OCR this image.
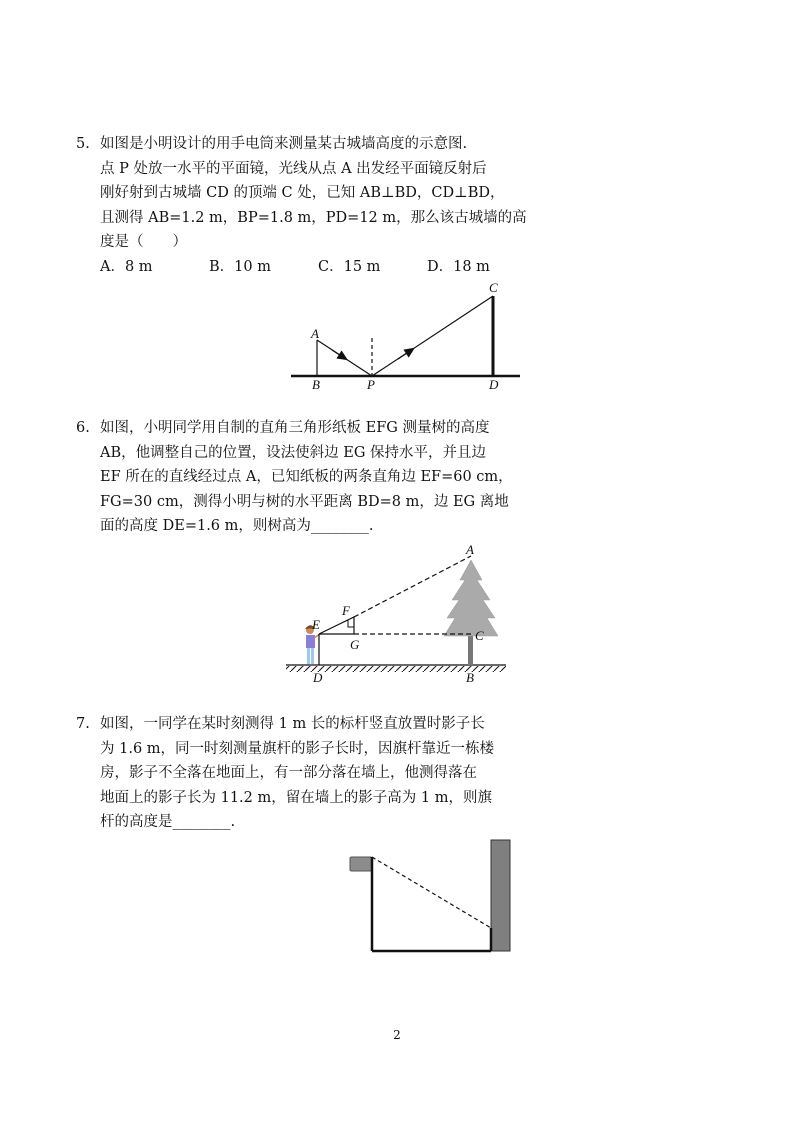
5. 如图是小明设计的用手电筒来测量某古城墙高度的示意图.
点 P 处放一水平的平面镜，光线从点 A 出发经平面镜反射后
刚好射到古城墙 CD 的顶端 C 处，已知 AB⊥BD，CD⊥BD，
且测得 AB=1.2 m，BP=1.8 m，PD=12 m，那么该古城墙的高
度是（　　）
A．8 m	B．10 m	C．15 m	D．18 m
A
B	P
C
D
6. 如图，小明同学用自制的直角三角形纸板 EFG 测量树的高度
AB，他调整自己的位置，设法使斜边 EG 保持水平，并且边
EF 所在的直线经过点 A，已知纸板的两条直角边 EF=60 cm，
FG=30 cm，测得小明与树的水平距离 BD=8 m，边 EG 离地
面的高度 DE=1.6 m，则树高为________.
A
E
F
G
C
D	B
7. 如图，一同学在某时刻测得 1 m 长的标杆竖直放置时影子长
为 1.6 m，同一时刻测量旗杆的影子长时，因旗杆靠近一栋楼
房，影子不全落在地面上，有一部分落在墙上，他测得落在
地面上的影子长为 11.2 m，留在墙上的影子高为 1 m，则旗
杆的高度是________.
2
